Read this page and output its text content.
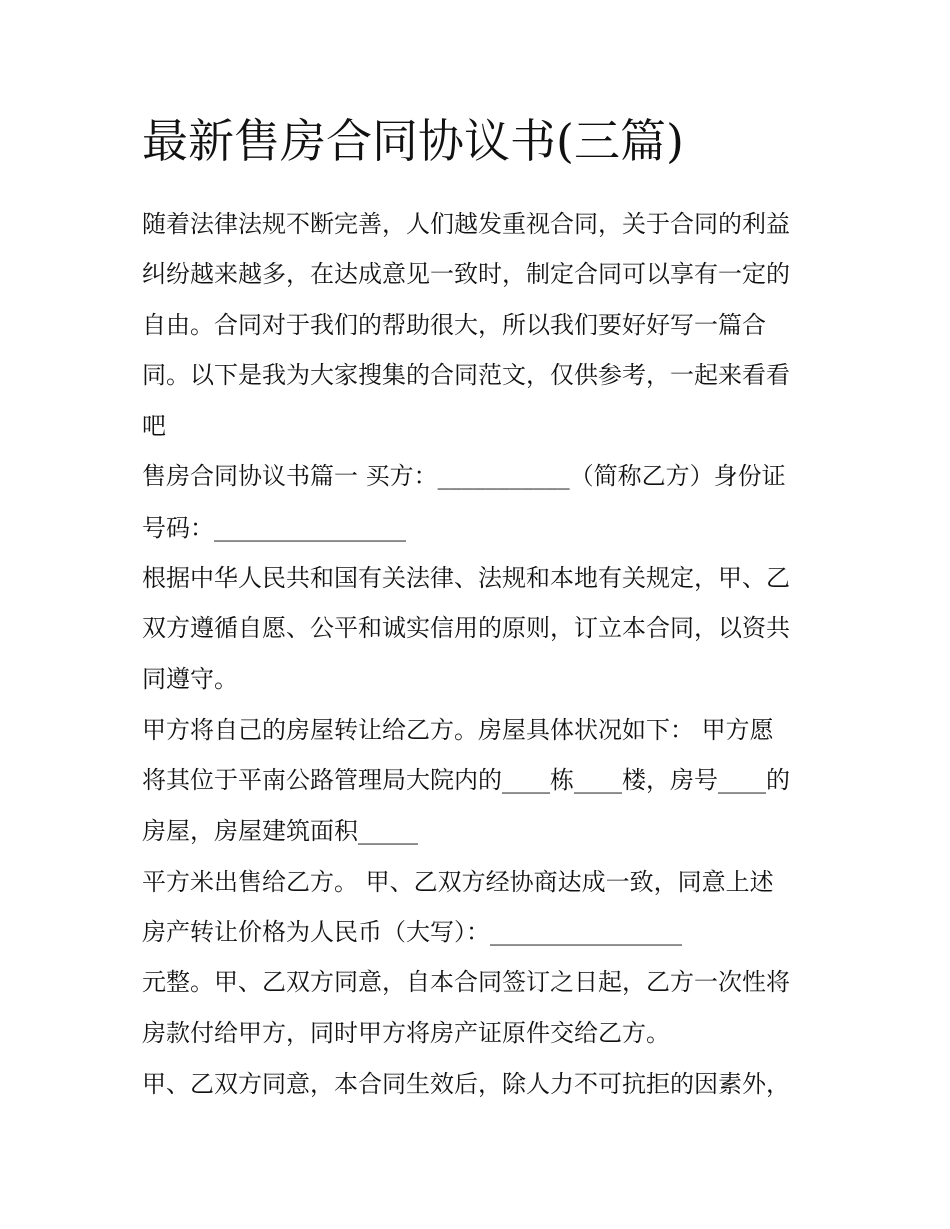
最新售房合同协议书(三篇)
随着法律法规不断完善，人们越发重视合同，关于合同的利益
纠纷越来越多，在达成意见一致时，制定合同可以享有一定的
自由。合同对于我们的帮助很大，所以我们要好好写一篇合
同。以下是我为大家搜集的合同范文，仅供参考，一起来看看
吧
售房合同协议书篇一 买方：___________（简称乙方）身份证
号码：________________
根据中华人民共和国有关法律、法规和本地有关规定，甲、乙
双方遵循自愿、公平和诚实信用的原则，订立本合同，以资共
同遵守。
甲方将自己的房屋转让给乙方。房屋具体状况如下： 甲方愿
将其位于平南公路管理局大院内的____栋____楼，房号____的
房屋，房屋建筑面积_____
平方米出售给乙方。 甲、乙双方经协商达成一致，同意上述
房产转让价格为人民币（大写）：________________
元整。甲、乙双方同意，自本合同签订之日起，乙方一次性将
房款付给甲方，同时甲方将房产证原件交给乙方。
甲、乙双方同意，本合同生效后，除人力不可抗拒的因素外，
